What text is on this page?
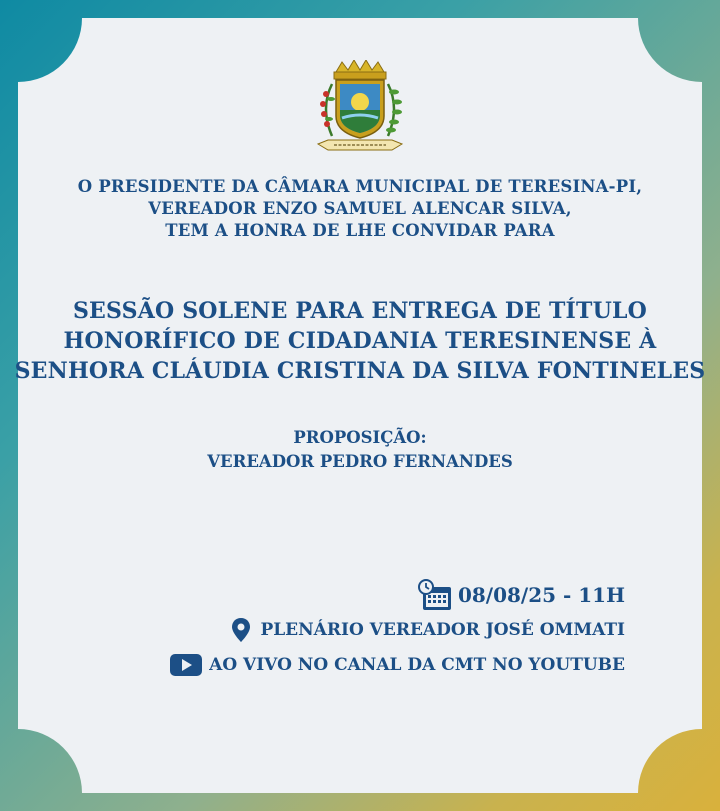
O PRESIDENTE DA CÂMARA MUNICIPAL DE TERESINA-PI,
VEREADOR ENZO SAMUEL ALENCAR SILVA,
TEM A HONRA DE LHE CONVIDAR PARA

SESSÃO SOLENE PARA ENTREGA DE TÍTULO
HONORÍFICO DE CIDADANIA TERESINENSE À
SENHORA CLÁUDIA CRISTINA DA SILVA FONTINELES

PROPOSIÇÃO:
VEREADOR PEDRO FERNANDES

08/08/25 - 11H
PLENÁRIO VEREADOR JOSÉ OMMATI
AO VIVO NO CANAL DA CMT NO YOUTUBE
